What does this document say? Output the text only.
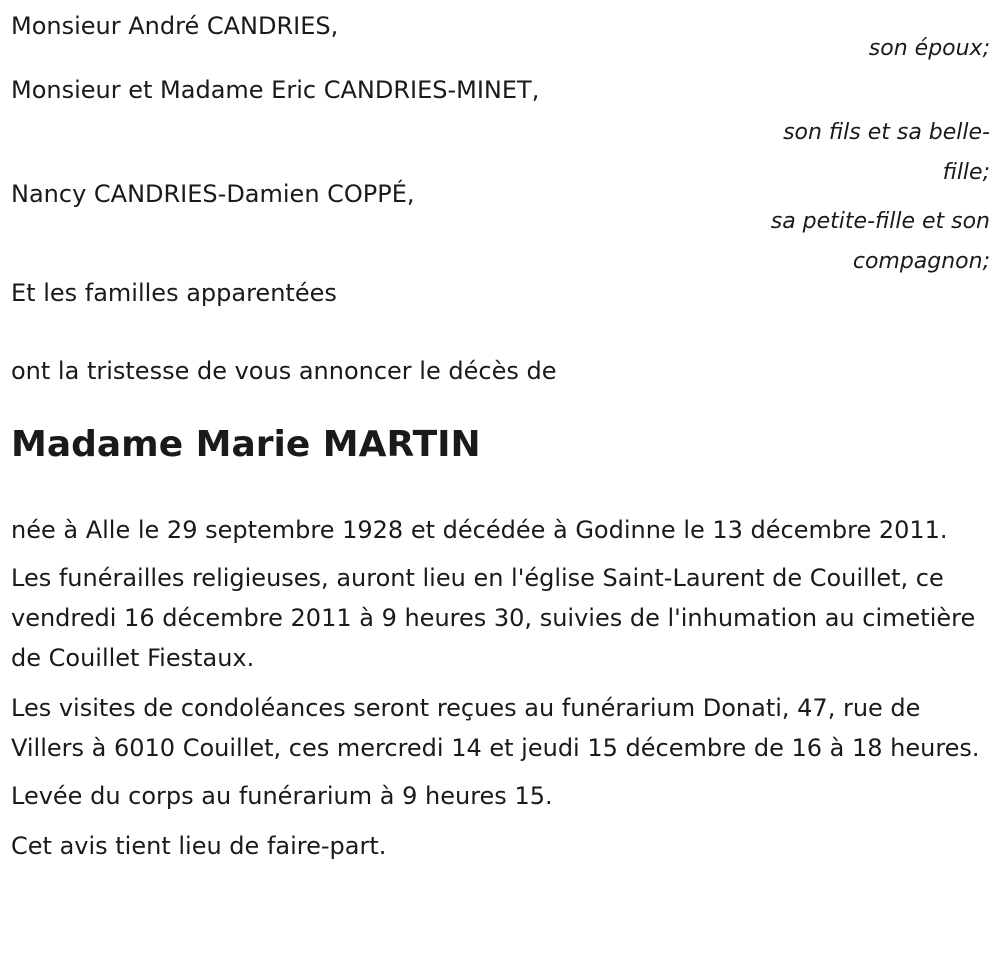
Monsieur André CANDRIES,
son époux;
Monsieur et Madame Eric CANDRIES-MINET,
son fils et sa belle-fille;
Nancy CANDRIES-Damien COPPÉ,
sa petite-fille et son compagnon;
Et les familles apparentées

ont la tristesse de vous annoncer le décès de

Madame Marie MARTIN

née à Alle le 29 septembre 1928 et décédée à Godinne le 13 décembre 2011.

Les funérailles religieuses, auront lieu en l'église Saint-Laurent de Couillet, ce vendredi 16 décembre 2011 à 9 heures 30, suivies de l'inhumation au cimetière de Couillet Fiestaux.

Les visites de condoléances seront reçues au funérarium Donati, 47, rue de Villers à 6010 Couillet, ces mercredi 14 et jeudi 15 décembre de 16 à 18 heures.

Levée du corps au funérarium à 9 heures 15.

Cet avis tient lieu de faire-part.
